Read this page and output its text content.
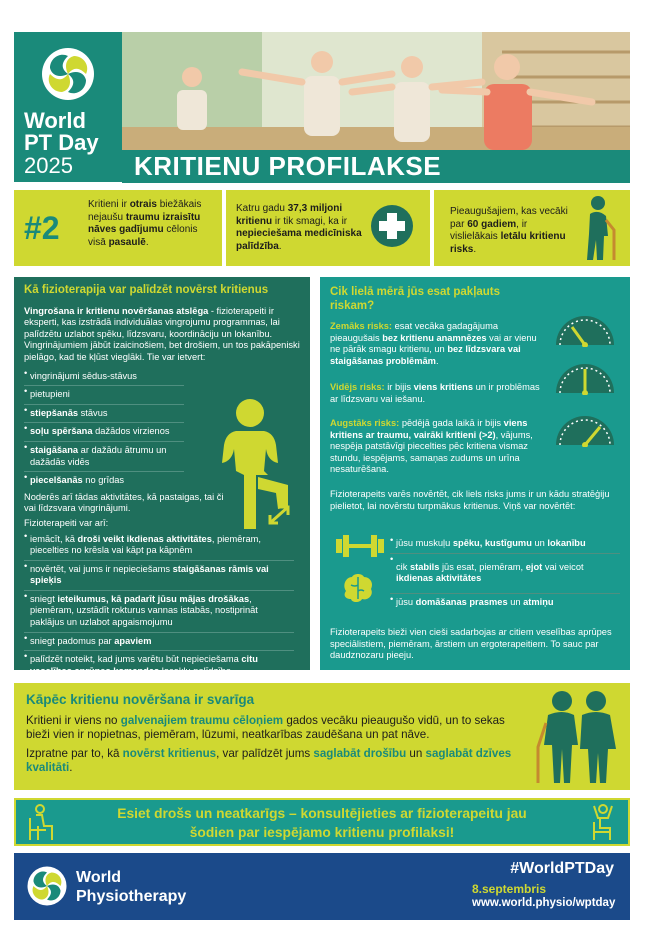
World
PT Day
2025	KRITIENU PROFILAKSE
#2
Kritieni ir otrais biežākais nejaušu traumu izraisītu nāves gadījumu cēlonis visā pasaulē.
Katru gadu 37,3 miljoni kritienu ir tik smagi, ka ir nepieciešama medicīniska palīdzība.
Pieaugušajiem, kas vecāki par 60 gadiem, ir vislielākais letālu kritienu risks.
Kā fizioterapija var palīdzēt novērst kritienus
Vingrošana ir kritienu novēršanas atslēga - fizioterapeiti ir eksperti, kas izstrādā individuālas vingrojumu programmas, lai palīdzētu uzlabot spēku, līdzsvaru, koordināciju un lokanību. Vingrinājumiem jābūt izaicinošiem, bet drošiem, un tos pakāpeniski pielāgo, kad tie kļūst vieglāki. Tie var ietvert:
• vingrinājumi sēdus-stāvus
• pietupieni
• stiepšanās stāvus
• soļu spēršana dažādos virzienos
• staigāšana ar dažādu ātrumu un dažādās vidēs
• piecelšanās no grīdas
Noderēs arī tādas aktivitātes, kā pastaigas, tai či vai līdzsvara vingrinājumi.
Fizioterapeiti var arī:
• iemācīt, kā droši veikt ikdienas aktivitātes, piemēram, piecelties no krēsla vai kāpt pa kāpnēm
• novērtēt, vai jums ir nepieciešams staigāšanas rāmis vai spieķis
• sniegt ieteikumus, kā padarīt jūsu mājas drošākas, piemēram, uzstādīt rokturus vannas istabās, nostiprināt paklājus un uzlabot apgaismojumu
• sniegt padomus par apaviem
• palīdzēt noteikt, kad jums varētu būt nepieciešama citu veselības aprūpes komandas locekļu palīdzība
Cik lielā mērā jūs esat pakļauts riskam?
Zemāks risks: esat vecāka gadagājuma pieaugušais bez kritienu anamnēzes vai ar vienu ne pārāk smagu kritienu, un bez līdzsvara vai staigāšanas problēmām.
Vidējs risks: ir bijis viens kritiens un ir problēmas ar līdzsvaru vai iešanu.
Augstāks risks: pēdējā gada laikā ir bijis viens kritiens ar traumu, vairāki kritieni (>2), vājums, nespēja patstāvīgi piecelties pēc kritiena vismaz stundu, iespējams, samaņas zudums un urīna nesaturēšana.
Fizioterapeits varēs novērtēt, cik liels risks jums ir un kādu stratēģiju pielietot, lai novērstu turpmākus kritienus. Viņš var novērtēt:
• jūsu muskuļu spēku, kustīgumu un lokanību
• cik stabils jūs esat, piemēram, ejot vai veicot ikdienas aktivitātes
• jūsu domāšanas prasmes un atmiņu
Fizioterapeits bieži vien cieši sadarbojas ar citiem veselības aprūpes speciālistiem, piemēram, ārstiem un ergoterapeitiem. To sauc par daudznozaru pieeju.
Kāpēc kritienu novēršana ir svarīga
Kritieni ir viens no galvenajiem traumu cēloņiem gados vecāku pieaugušo vidū, un to sekas bieži vien ir nopietnas, piemēram, lūzumi, neatkarības zaudēšana un pat nāve.
Izpratne par to, kā novērst kritienus, var palīdzēt jums saglabāt drošību un saglabāt dzīves kvalitāti.
Esiet drošs un neatkarīgs – konsultējieties ar fizioterapeitu jau
šodien par iespējamo kritienu profilaksi!
World
Physiotherapy
#WorldPTDay
8.septembris
www.world.physio/wptday
